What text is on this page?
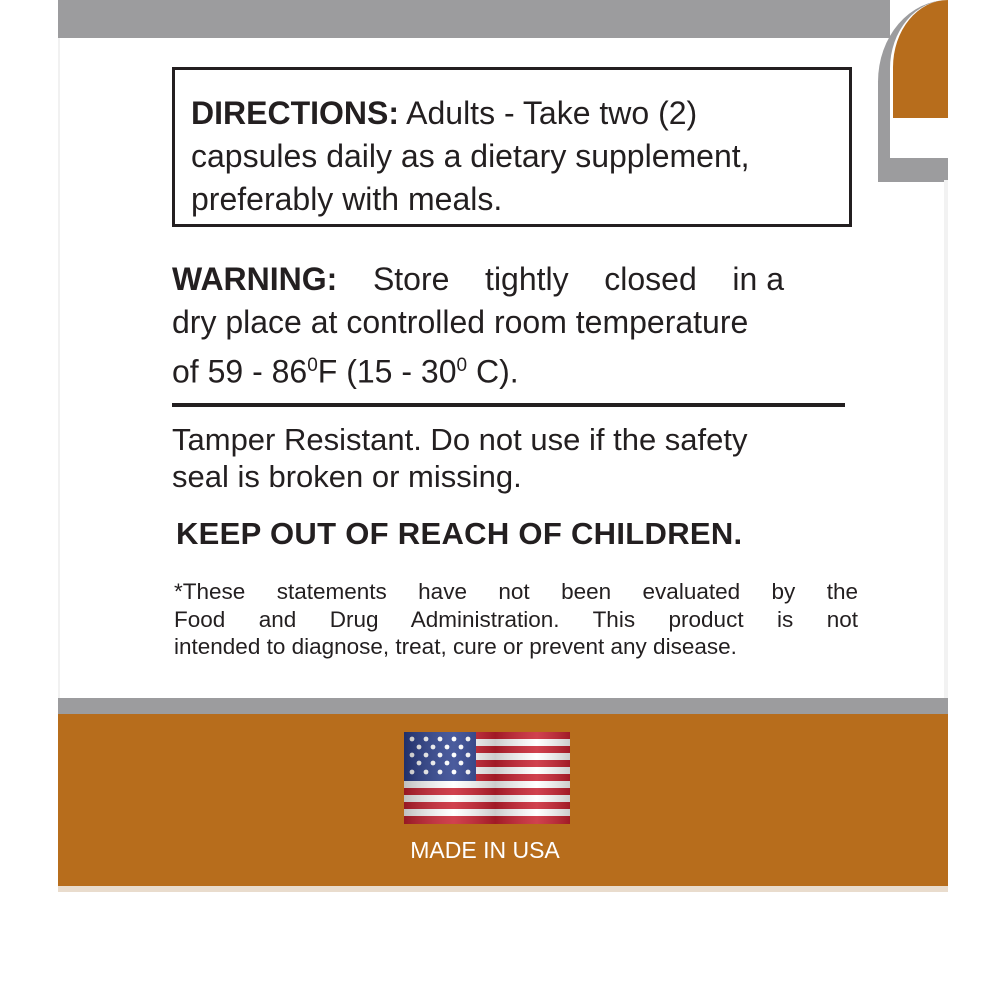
DIRECTIONS: Adults - Take two (2)
capsules daily as a dietary supplement,
preferably with meals.
WARNING: Store tightly closed in a
dry place at controlled room temperature
of $59 - 86^0F$ ($15 - 30^0$ C).
Tamper Resistant. Do not use if the safety
seal is broken or missing.
KEEP OUT OF REACH OF CHILDREN.
*These statements have not been evaluated by the
Food and Drug Administration. This product is not
intended to diagnose, treat, cure or prevent any disease.
MADE IN USA
